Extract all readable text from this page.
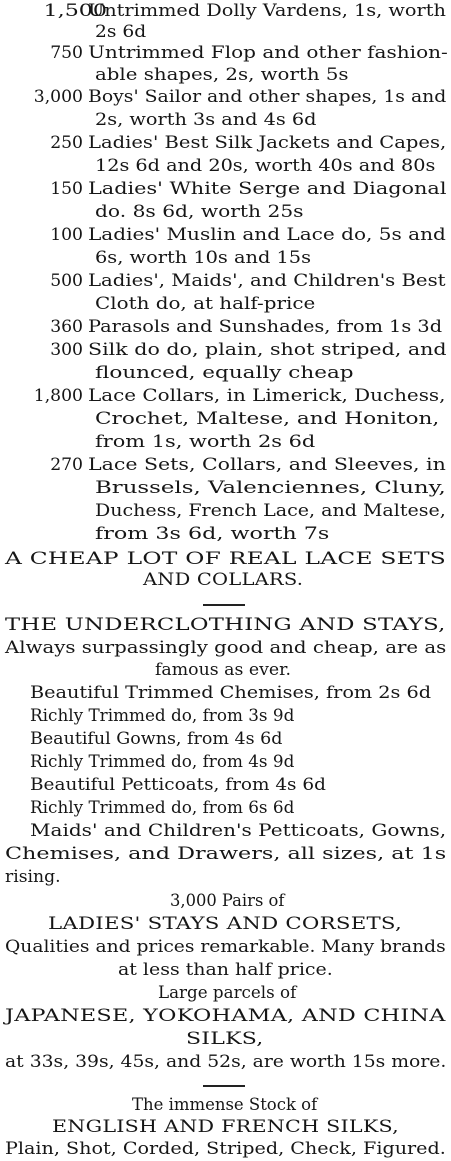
1,500
Untrimmed Dolly Vardens, 1s, worth
2s 6d
750 Untrimmed Flop and other fashion-
able shapes, 2s, worth 5s
3,000 Boys' Sailor and other shapes, 1s and
2s, worth 3s and 4s 6d
250 Ladies' Best Silk Jackets and Capes,
12s 6d and 20s, worth 40s and 80s
150 Ladies' White Serge and Diagonal
do. 8s 6d, worth 25s
100 Ladies' Muslin and Lace do, 5s and
6s, worth 10s and 15s
500 Ladies', Maids', and Children's Best
Cloth do, at half-price
360 Parasols and Sunshades, from 1s 3d
300 Silk do do, plain, shot striped, and
flounced, equally cheap
1,800 Lace Collars, in Limerick, Duchess,
Crochet, Maltese, and Honiton,
from 1s, worth 2s 6d
270 Lace Sets, Collars, and Sleeves, in
Brussels, Valenciennes, Cluny,
Duchess, French Lace, and Maltese,
from 3s 6d, worth 7s
A CHEAP LOT OF REAL LACE SETS
AND COLLARS.
THE UNDERCLOTHING AND STAYS,
Always surpassingly good and cheap, are as
famous as ever.
Beautiful Trimmed Chemises, from 2s 6d
Richly Trimmed do, from 3s 9d
Beautiful Gowns, from 4s 6d
Richly Trimmed do, from 4s 9d
Beautiful Petticoats, from 4s 6d
Richly Trimmed do, from 6s 6d
Maids' and Children's Petticoats, Gowns,
Chemises, and Drawers, all sizes, at 1s
rising.
3,000 Pairs of
LADIES' STAYS AND CORSETS,
Qualities and prices remarkable. Many brands
at less than half price.
Large parcels of
JAPANESE, YOKOHAMA, AND CHINA
SILKS,
at 33s, 39s, 45s, and 52s, are worth 15s more.
The immense Stock of
ENGLISH AND FRENCH SILKS,
Plain, Shot, Corded, Striped, Check, Figured.
